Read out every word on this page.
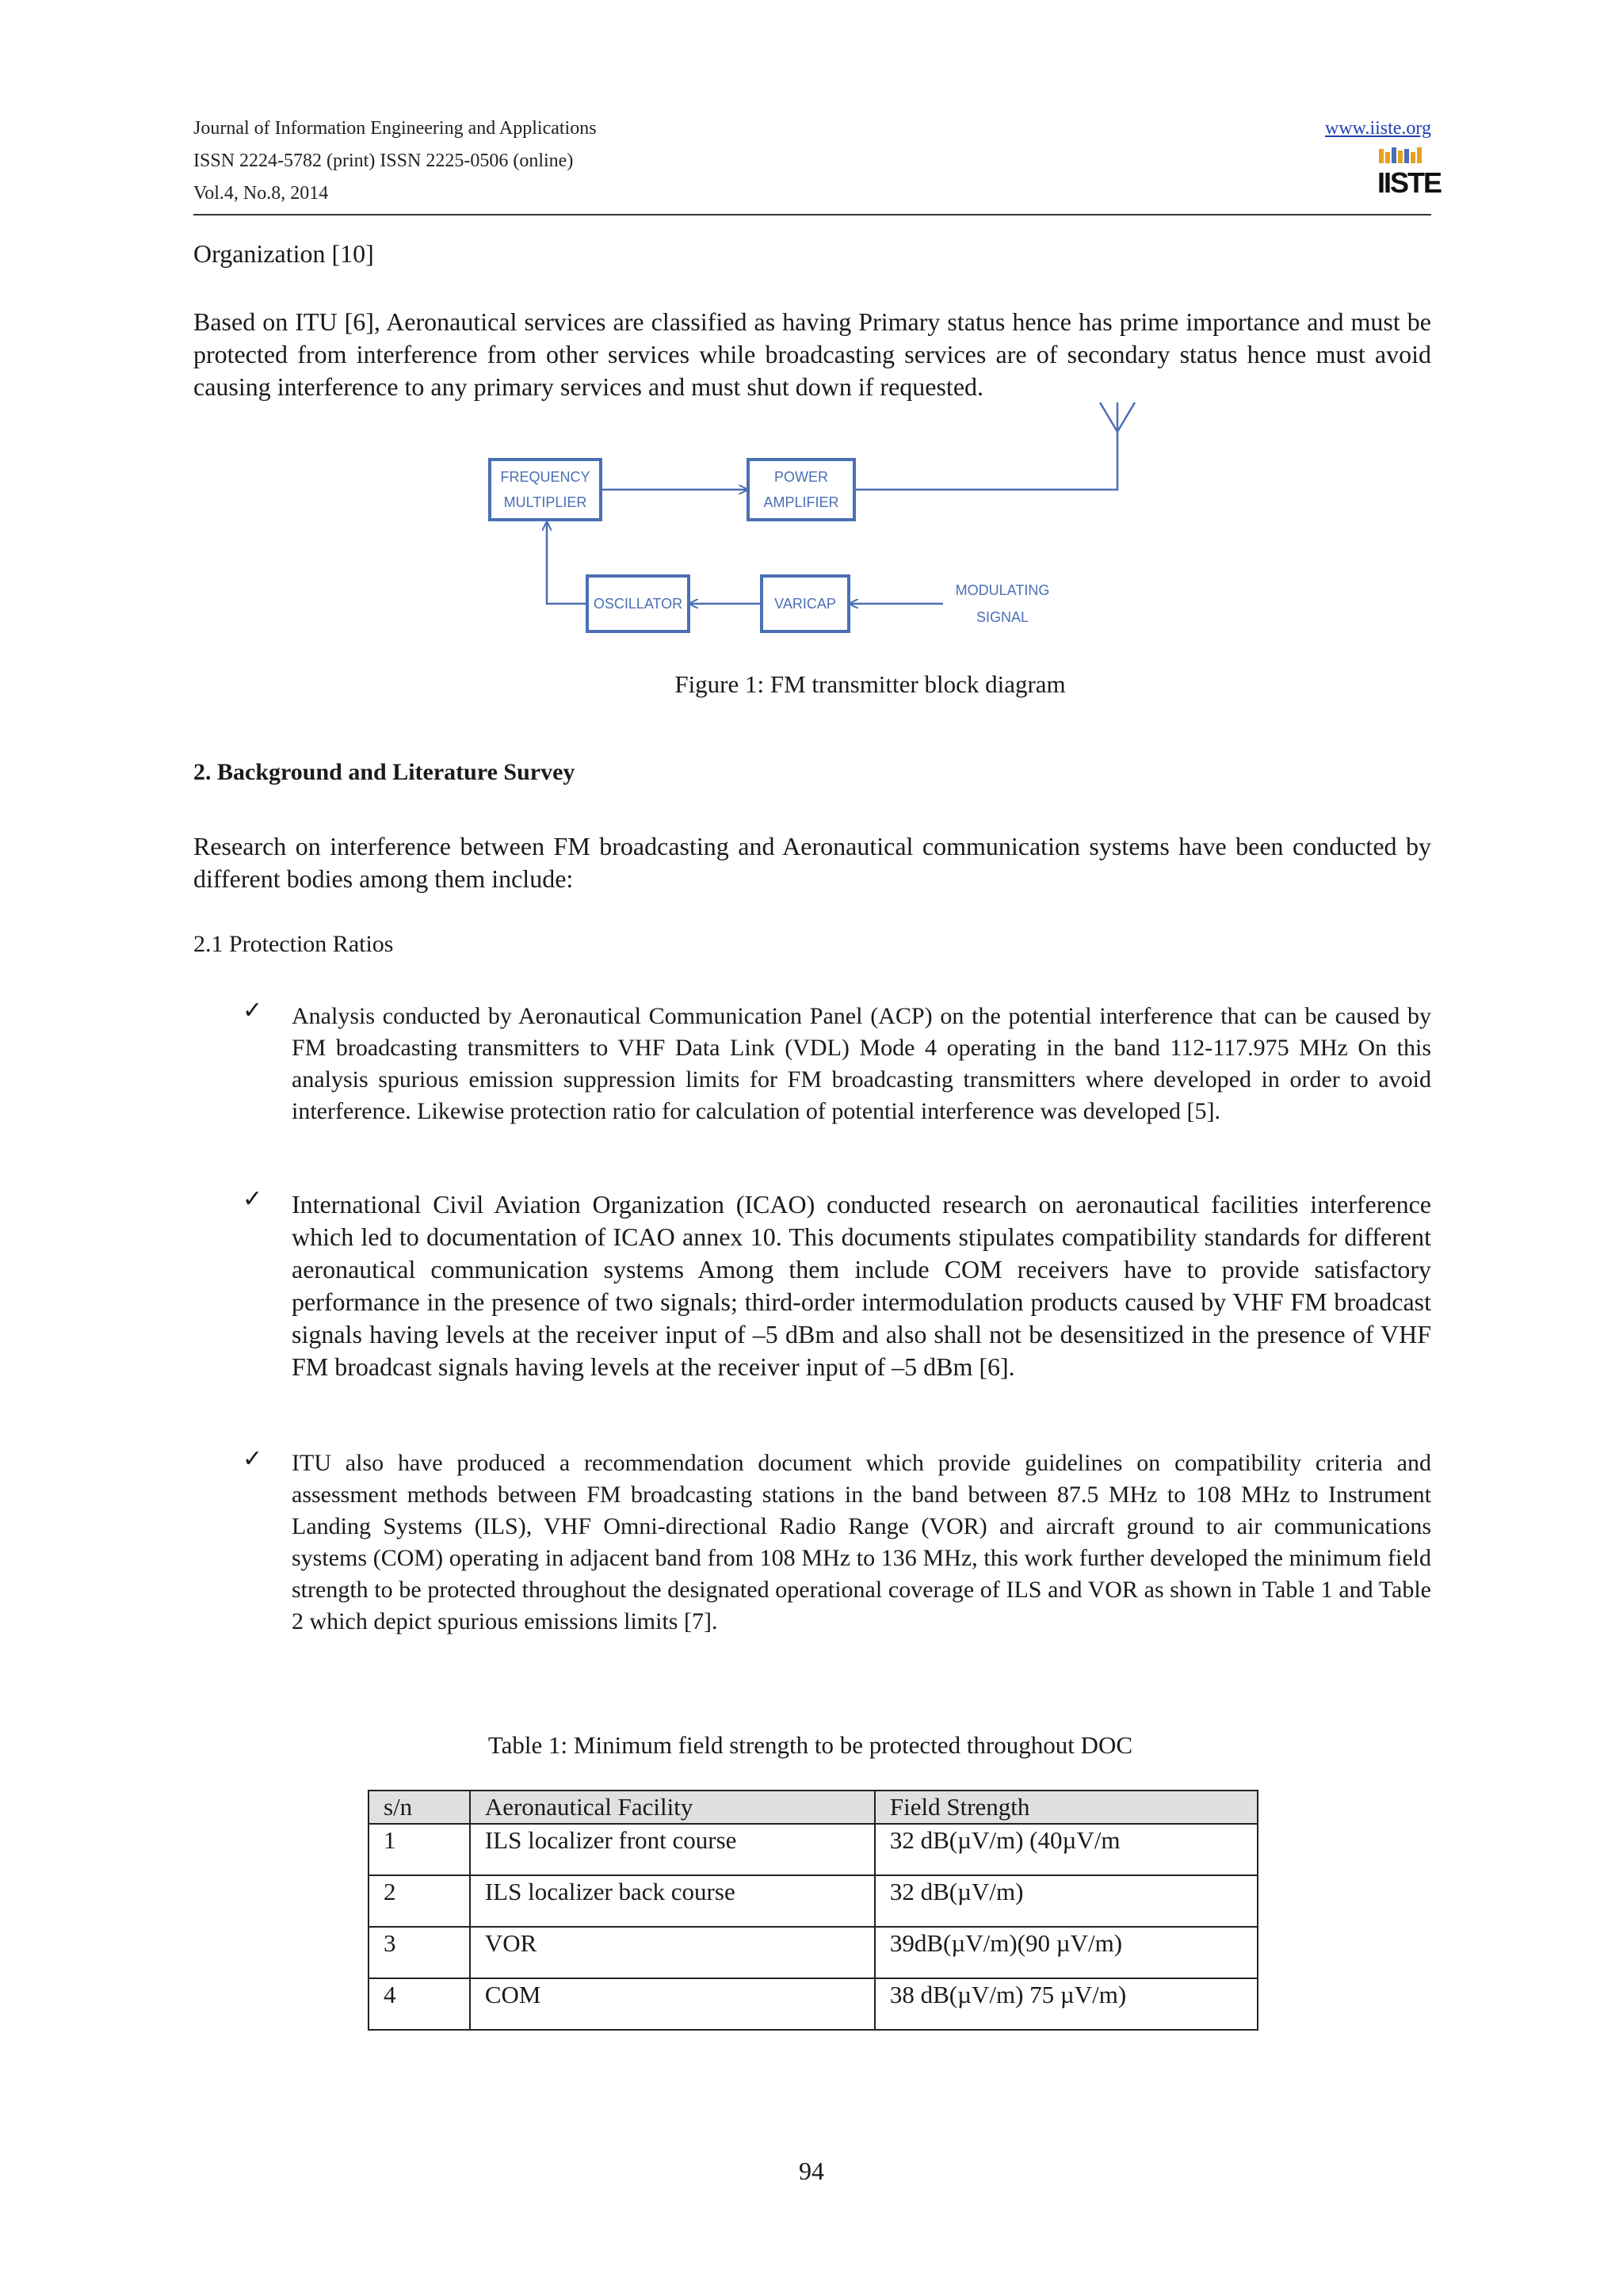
Journal of Information Engineering and Applications
ISSN 2224-5782 (print) ISSN 2225-0506 (online)
Vol.4, No.8, 2014
www.iiste.org
IISTE
Organization [10]
Based on ITU [6], Aeronautical services are classified as having Primary status hence has prime importance and must be protected from interference from other services while broadcasting services are of secondary status hence must avoid causing interference to any primary services and must shut down if requested.
FREQUENCY
MULTIPLIER
POWER
AMPLIFIER
OSCILLATOR	VARICAP
MODULATING
SIGNAL
Figure 1: FM transmitter block diagram
2. Background and Literature Survey
Research on interference between FM broadcasting and Aeronautical communication systems have been conducted by different bodies among them include:
2.1 Protection Ratios
✓ Analysis conducted by Aeronautical Communication Panel (ACP) on the potential interference that can be caused by FM broadcasting transmitters to VHF Data Link (VDL) Mode 4 operating in the band 112-117.975 MHz On this analysis spurious emission suppression limits for FM broadcasting transmitters where developed in order to avoid interference. Likewise protection ratio for calculation of potential interference was developed [5].
✓ International Civil Aviation Organization (ICAO) conducted research on aeronautical facilities interference which led to documentation of ICAO annex 10. This documents stipulates compatibility standards for different aeronautical communication systems Among them include COM receivers have to provide satisfactory performance in the presence of two signals; third-order intermodulation products caused by VHF FM broadcast signals having levels at the receiver input of –5 dBm and also shall not be desensitized in the presence of VHF FM broadcast signals having levels at the receiver input of –5 dBm [6].
✓ ITU also have produced a recommendation document which provide guidelines on compatibility criteria and assessment methods between FM broadcasting stations in the band between 87.5 MHz to 108 MHz to Instrument Landing Systems (ILS), VHF Omni-directional Radio Range (VOR) and aircraft ground to air communications systems (COM) operating in adjacent band from 108 MHz to 136 MHz, this work further developed the minimum field strength to be protected throughout the designated operational coverage of ILS and VOR as shown in Table 1 and Table 2 which depict spurious emissions limits [7].
Table 1: Minimum field strength to be protected throughout DOC
s/n	Aeronautical Facility	Field Strength
1	ILS localizer front course	32 dB(µV/m) (40µV/m
2	ILS localizer back course	32 dB(µV/m)
3	VOR	39dB(µV/m)(90 µV/m)
4	COM	38 dB(µV/m) 75 µV/m)
94
